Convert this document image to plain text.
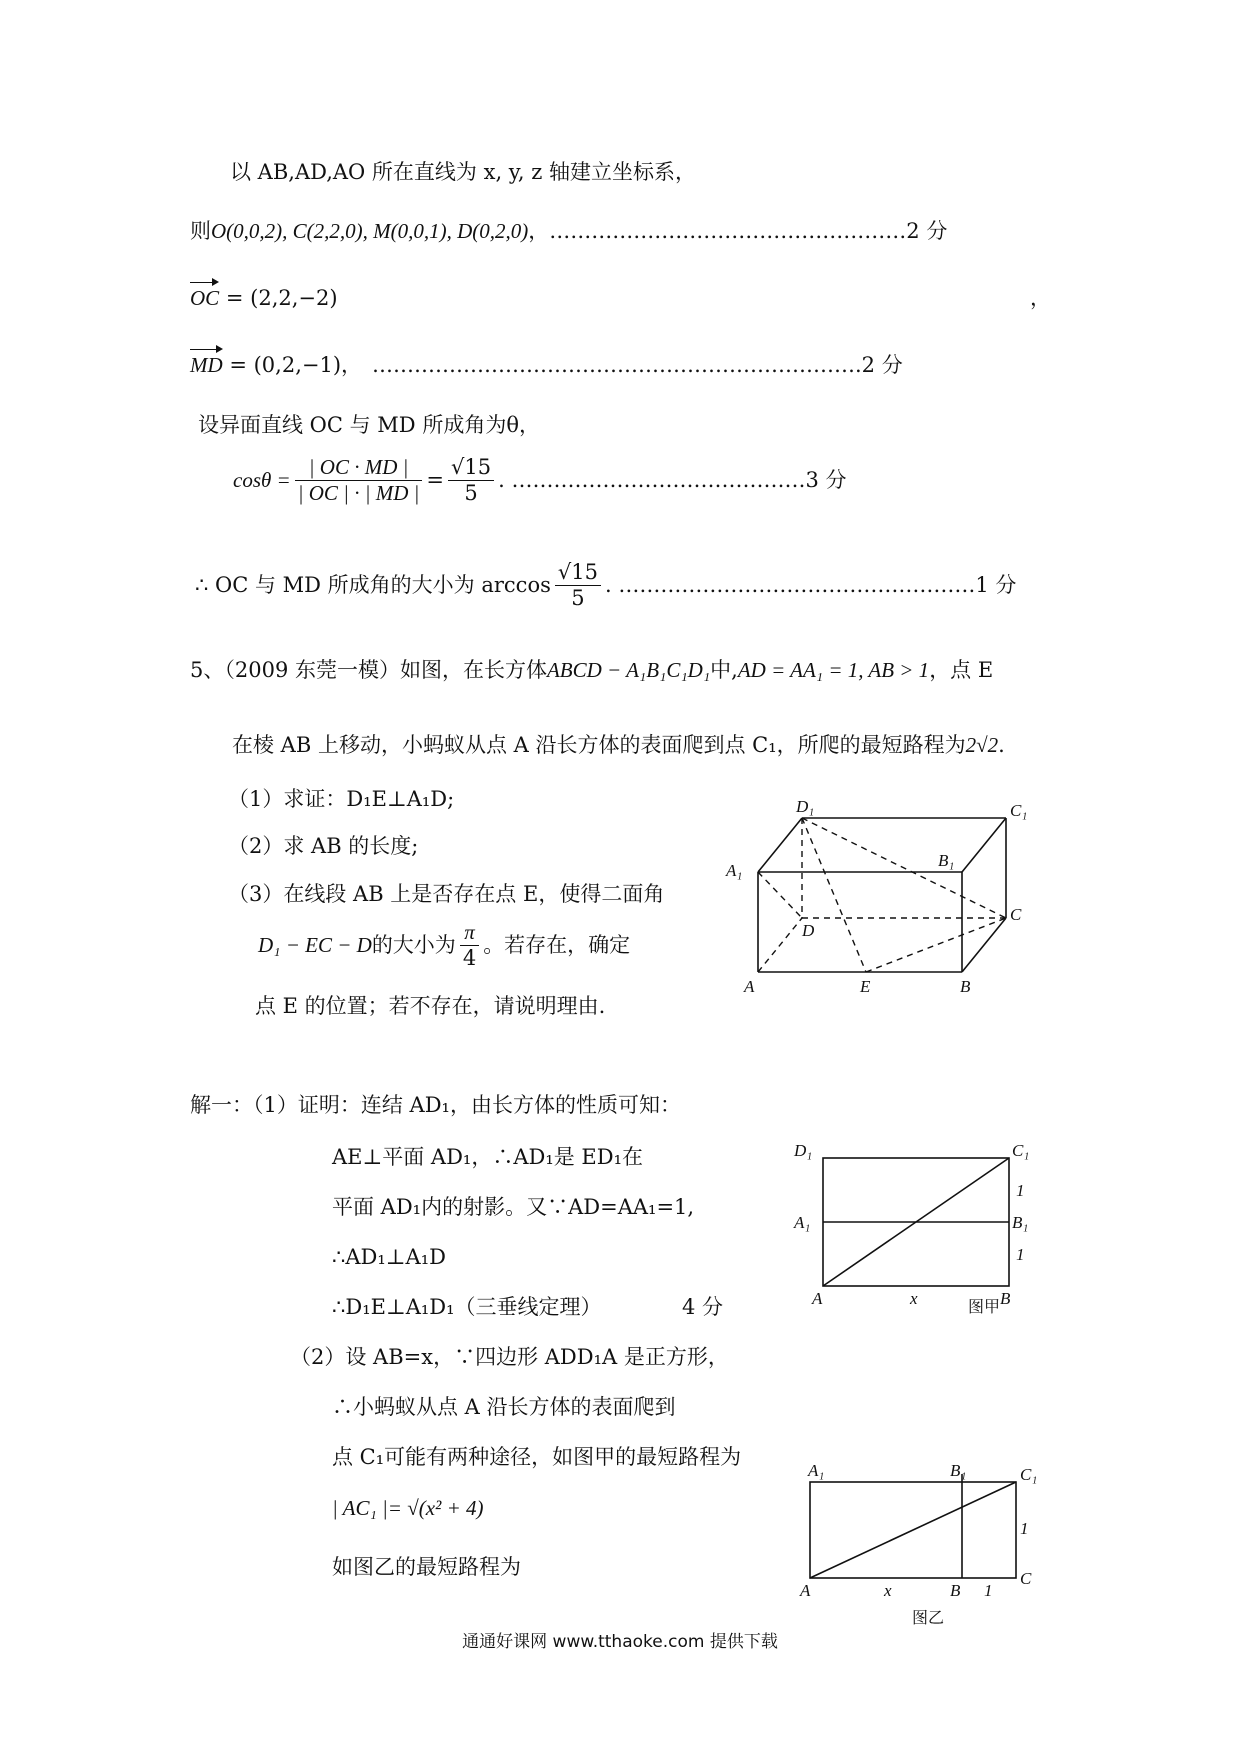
以 AB,AD,AO 所在直线为 x, y, z 轴建立坐标系，
则O(0,0,2), C(2,2,0), M(0,0,1), D(0,2,0)，……………………………………………2 分
OC = (2,2,−2)	，
MD = (0,2,−1)， …………………………………………………………….2 分
设异面直线 OC 与 MD 所成角为θ，
$\cos\theta = \frac{| OC \cdot MD |}{| OC | \cdot | MD |} = \frac{√15}{5}$ . ……………………………………3 分
∴ OC 与 MD 所成角的大小为 $\arccos \frac{√15}{5}$ . ……………………………………………1 分
5、（2009 东莞一模）如图，在长方体ABCD − A₁B₁C₁D₁中,AD = AA₁ = 1, AB > 1，点 E
在棱 AB 上移动，小蚂蚁从点 A 沿长方体的表面爬到点 C₁，所爬的最短路程为2√2.
（1）求证：D₁E⊥A₁D;
（2）求 AB 的长度;
（3）在线段 AB 上是否存在点 E，使得二面角
D₁ − EC − D 的大小为 $\frac{\pi}{4}$ 。若存在，确定
点 E 的位置；若不存在，请说明理由.
解一：（1）证明：连结 AD₁，由长方体的性质可知：
AE⊥平面 AD₁，∴AD₁是 ED₁在
平面 AD₁内的射影。又∵AD=AA₁=1,
∴AD₁⊥A₁D
∴D₁E⊥A₁D₁（三垂线定理）	4 分
（2）设 AB=x，∵四边形 ADD₁A 是正方形，
∴小蚂蚁从点 A 沿长方体的表面爬到
点 C₁可能有两种途径，如图甲的最短路程为
| AC₁ |= √(x² + 4)
如图乙的最短路程为
D₁	C₁
A₁
B₁
D
C
A	E	B
D₁	C₁
A₁	B₁
1
1
A	x	B
图甲
A₁	B₁	C₁
1
C
A	x	B 1
图乙
通通好课网 www.tthaoke.com 提供下载
